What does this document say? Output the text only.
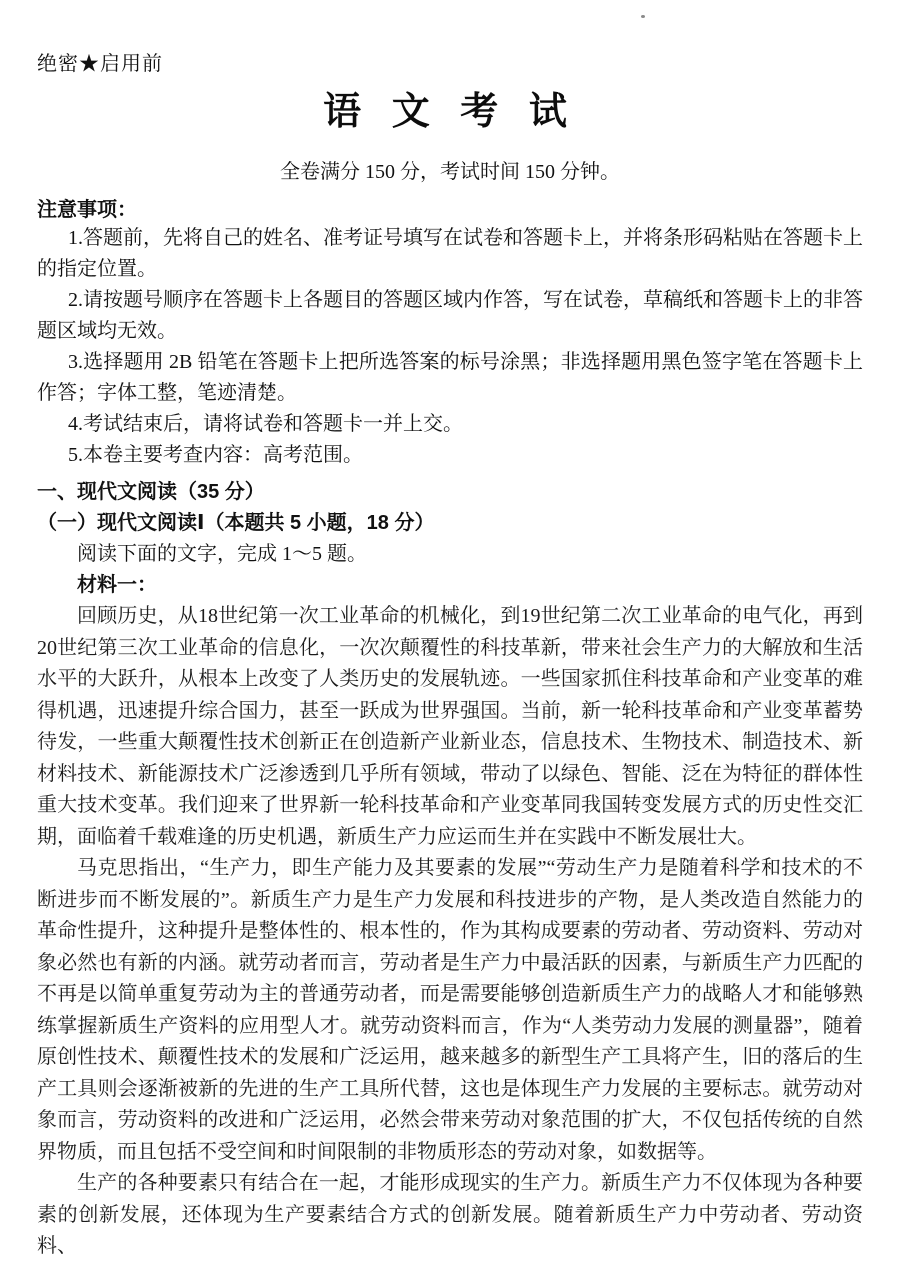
绝密★启用前
语 文 考 试
全卷满分 150 分，考试时间 150 分钟。
注意事项：

1.答题前，先将自己的姓名、准考证号填写在试卷和答题卡上，并将条形码粘贴在答题卡上的指定位置。

2.请按题号顺序在答题卡上各题目的答题区域内作答，写在试卷，草稿纸和答题卡上的非答题区域均无效。

3.选择题用 2B 铅笔在答题卡上把所选答案的标号涂黑；非选择题用黑色签字笔在答题卡上作答；字体工整，笔迹清楚。

4.考试结束后，请将试卷和答题卡一并上交。

5.本卷主要考查内容：高考范围。

一、现代文阅读（35 分）
（一）现代文阅读Ⅰ（本题共 5 小题，18 分）

阅读下面的文字，完成 1～5 题。

材料一：

回顾历史，从18世纪第一次工业革命的机械化，到19世纪第二次工业革命的电气化，再到20世纪第三次工业革命的信息化，一次次颠覆性的科技革新，带来社会生产力的大解放和生活水平的大跃升，从根本上改变了人类历史的发展轨迹。一些国家抓住科技革命和产业变革的难得机遇，迅速提升综合国力，甚至一跃成为世界强国。当前，新一轮科技革命和产业变革蓄势待发，一些重大颠覆性技术创新正在创造新产业新业态，信息技术、生物技术、制造技术、新材料技术、新能源技术广泛渗透到几乎所有领域，带动了以绿色、智能、泛在为特征的群体性重大技术变革。我们迎来了世界新一轮科技革命和产业变革同我国转变发展方式的历史性交汇期，面临着千载难逢的历史机遇，新质生产力应运而生并在实践中不断发展壮大。

马克思指出，“生产力，即生产能力及其要素的发展”“劳动生产力是随着科学和技术的不断进步而不断发展的”。新质生产力是生产力发展和科技进步的产物，是人类改造自然能力的革命性提升，这种提升是整体性的、根本性的，作为其构成要素的劳动者、劳动资料、劳动对象必然也有新的内涵。就劳动者而言，劳动者是生产力中最活跃的因素，与新质生产力匹配的不再是以简单重复劳动为主的普通劳动者，而是需要能够创造新质生产力的战略人才和能够熟练掌握新质生产资料的应用型人才。就劳动资料而言，作为“人类劳动力发展的测量器”，随着原创性技术、颠覆性技术的发展和广泛运用，越来越多的新型生产工具将产生，旧的落后的生产工具则会逐渐被新的先进的生产工具所代替，这也是体现生产力发展的主要标志。就劳动对象而言，劳动资料的改进和广泛运用，必然会带来劳动对象范围的扩大，不仅包括传统的自然界物质，而且包括不受空间和时间限制的非物质形态的劳动对象，如数据等。

生产的各种要素只有结合在一起，才能形成现实的生产力。新质生产力不仅体现为各种要素的创新发展，还体现为生产要素结合方式的创新发展。随着新质生产力中劳动者、劳动资料、
